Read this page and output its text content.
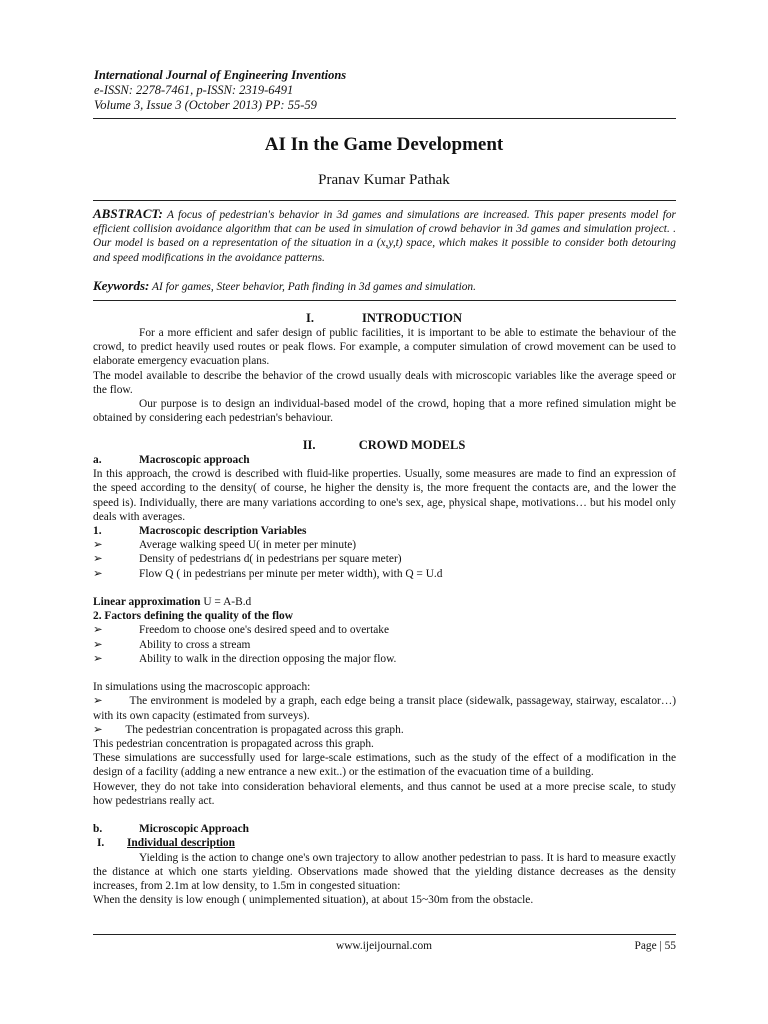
International Journal of Engineering Inventions
e-ISSN: 2278-7461, p-ISSN: 2319-6491
Volume 3, Issue 3 (October 2013) PP: 55-59
AI In the Game Development
Pranav Kumar Pathak
ABSTRACT: A focus of pedestrian's behavior in 3d games and simulations are increased. This paper presents model for efficient collision avoidance algorithm that can be used in simulation of crowd behavior in 3d games and simulation project. . Our model is based on a representation of the situation in a (x,y,t) space, which makes it possible to consider both detouring and speed modifications in the avoidance patterns.
Keywords: AI for games, Steer behavior, Path finding in 3d games and simulation.
I.	INTRODUCTION

For a more efficient and safer design of public facilities, it is important to be able to estimate the behaviour of the crowd, to predict heavily used routes or peak flows. For example, a computer simulation of crowd movement can be used to elaborate emergency evacuation plans.

The model available to describe the behavior of the crowd usually deals with microscopic variables like the average speed or the flow.

Our purpose is to design an individual-based model of the crowd, hoping that a more refined simulation might be obtained by considering each pedestrian's behaviour.

II.	CROWD MODELS
a.	Macroscopic approach

In this approach, the crowd is described with fluid-like properties. Usually, some measures are made to find an expression of the speed according to the density( of course, he higher the density is, the more frequent the contacts are, and the lower the speed is). Individually, there are many variations according to one's sex, age, physical shape, motivations… but his model only deals with averages.

1.	Macroscopic description Variables
➢	Average walking speed U( in meter per minute)
➢	Density of pedestrians d( in pedestrians per square meter)
➢	Flow Q ( in pedestrians per minute per meter width), with Q = U.d
Linear approximation U = A-B.d
2. Factors defining the quality of the flow
➢	Freedom to choose one's desired speed and to overtake
➢	Ability to cross a stream
➢	Ability to walk in the direction opposing the major flow.

In simulations using the macroscopic approach:

➢ The environment is modeled by a graph, each edge being a transit place (sidewalk, passageway, stairway, escalator…) with its own capacity (estimated from surveys).

➢ The pedestrian concentration is propagated across this graph.

This pedestrian concentration is propagated across this graph.

These simulations are successfully used for large-scale estimations, such as the study of the effect of a modification in the design of a facility (adding a new entrance a new exit..) or the estimation of the evacuation time of a building.

However, they do not take into consideration behavioral elements, and thus cannot be used at a more precise scale, to study how pedestrians really act.

b.	Microscopic Approach
I. Individual description

Yielding is the action to change one's own trajectory to allow another pedestrian to pass. It is hard to measure exactly the distance at which one starts yielding. Observations made showed that the yielding distance decreases as the density increases, from 2.1m at low density, to 1.5m in congested situation:

When the density is low enough ( unimplemented situation), at about 15~30m from the obstacle.

www.ijeijournal.com	Page | 55
